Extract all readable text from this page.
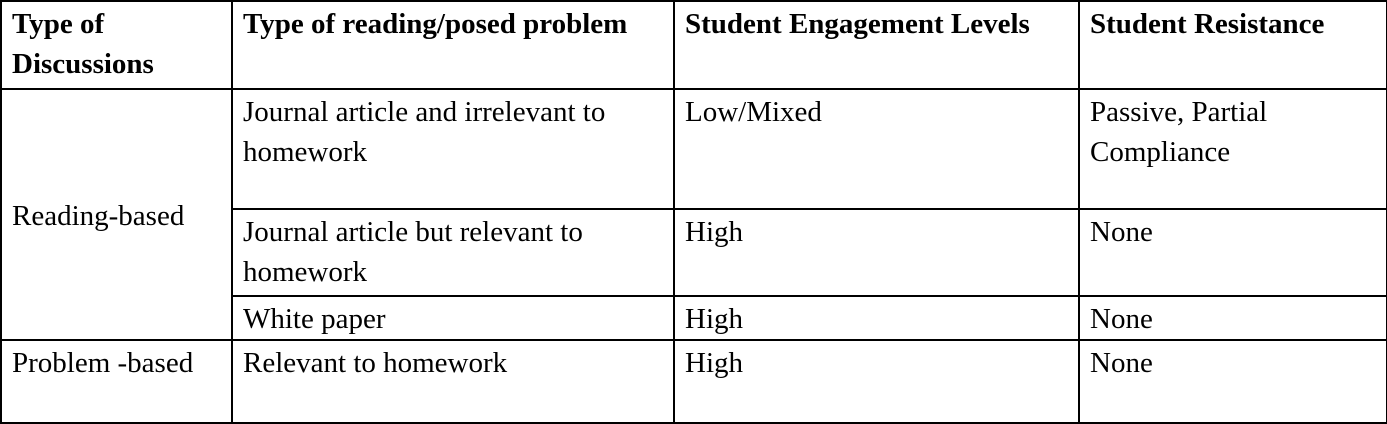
Type of Discussions	Type of reading/posed problem	Student Engagement Levels	Student Resistance
Reading-based	Journal article and irrelevant to homework	Low/Mixed	Passive, Partial Compliance
	Journal article but relevant to homework	High	None
	White paper	High	None
Problem -based	Relevant to homework	High	None
